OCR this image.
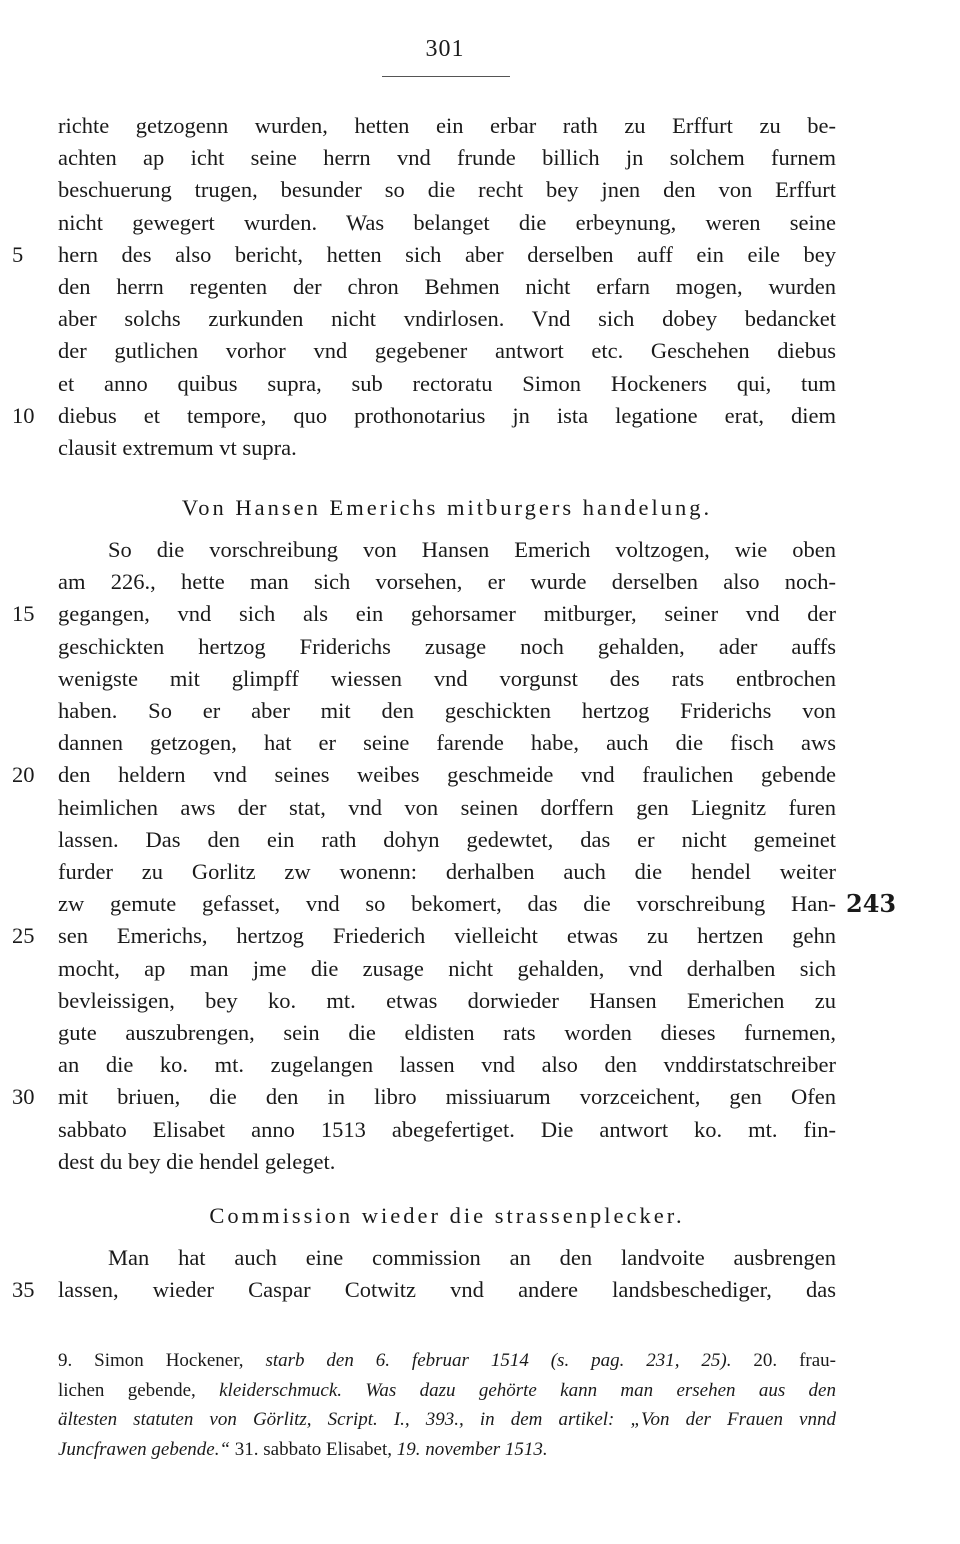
301
richte getzogenn wurden, hetten ein erbar rath zu Erffurt zu be-
achten ap icht seine herrn vnd frunde billich jn solchem furnem
beschuerung trugen, besunder so die recht bey jnen den von Erffurt
nicht gewegert wurden. Was belanget die erbeynung, weren seine
hern des also bericht, hetten sich aber derselben auff ein eile bey
5
den herrn regenten der chron Behmen nicht erfarn mogen, wurden
aber solchs zurkunden nicht vndirlosen. Vnd sich dobey bedancket
der gutlichen vorhor vnd gegebener antwort etc. Geschehen diebus
et anno quibus supra, sub rectoratu Simon Hockeners qui, tum
diebus et tempore, quo prothonotarius jn ista legatione erat, diem
10
clausit extremum vt supra.
Von Hansen Emerichs mitburgers handelung.
So die vorschreibung von Hansen Emerich voltzogen, wie oben
am 226., hette man sich vorsehen, er wurde derselben also noch-
gegangen, vnd sich als ein gehorsamer mitburger, seiner vnd der
15
geschickten hertzog Friderichs zusage noch gehalden, ader auffs
wenigste mit glimpff wiessen vnd vorgunst des rats entbrochen
haben. So er aber mit den geschickten hertzog Friderichs von
dannen getzogen, hat er seine farende habe, auch die fisch aws
den heldern vnd seines weibes geschmeide vnd fraulichen gebende
20
heimlichen aws der stat, vnd von seinen dorffern gen Liegnitz furen
lassen. Das den ein rath dohyn gedewtet, das er nicht gemeinet
furder zu Gorlitz zw wonenn: derhalben auch die hendel weiter
zw gemute gefasset, vnd so bekomert, das die vorschreibung Han-
sen Emerichs, hertzog Friederich vielleicht etwas zu hertzen gehn
25
mocht, ap man jme die zusage nicht gehalden, vnd derhalben sich
bevleissigen, bey ko. mt. etwas dorwieder Hansen Emerichen zu
gute auszubrengen, sein die eldisten rats worden dieses furnemen,
an die ko. mt. zugelangen lassen vnd also den vnddirstatschreiber
mit briuen, die den in libro missiuarum vorzceichent, gen Ofen
30
sabbato Elisabet anno 1513 abegefertiget. Die antwort ko. mt. fin-
dest du bey die hendel geleget.
243
Commission wieder die strassenplecker.
Man hat auch eine commission an den landvoite ausbrengen
lassen, wieder Caspar Cotwitz vnd andere landsbeschediger, das
35
9. Simon Hockener, starb den 6. februar 1514 (s. pag. 231, 25). 20. frau-
lichen gebende, kleiderschmuck. Was dazu gehörte kann man ersehen aus den
ältesten statuten von Görlitz, Script. I., 393., in dem artikel: „Von der Frauen vnnd
Juncfrawen gebende.“ 31. sabbato Elisabet, 19. november 1513.
